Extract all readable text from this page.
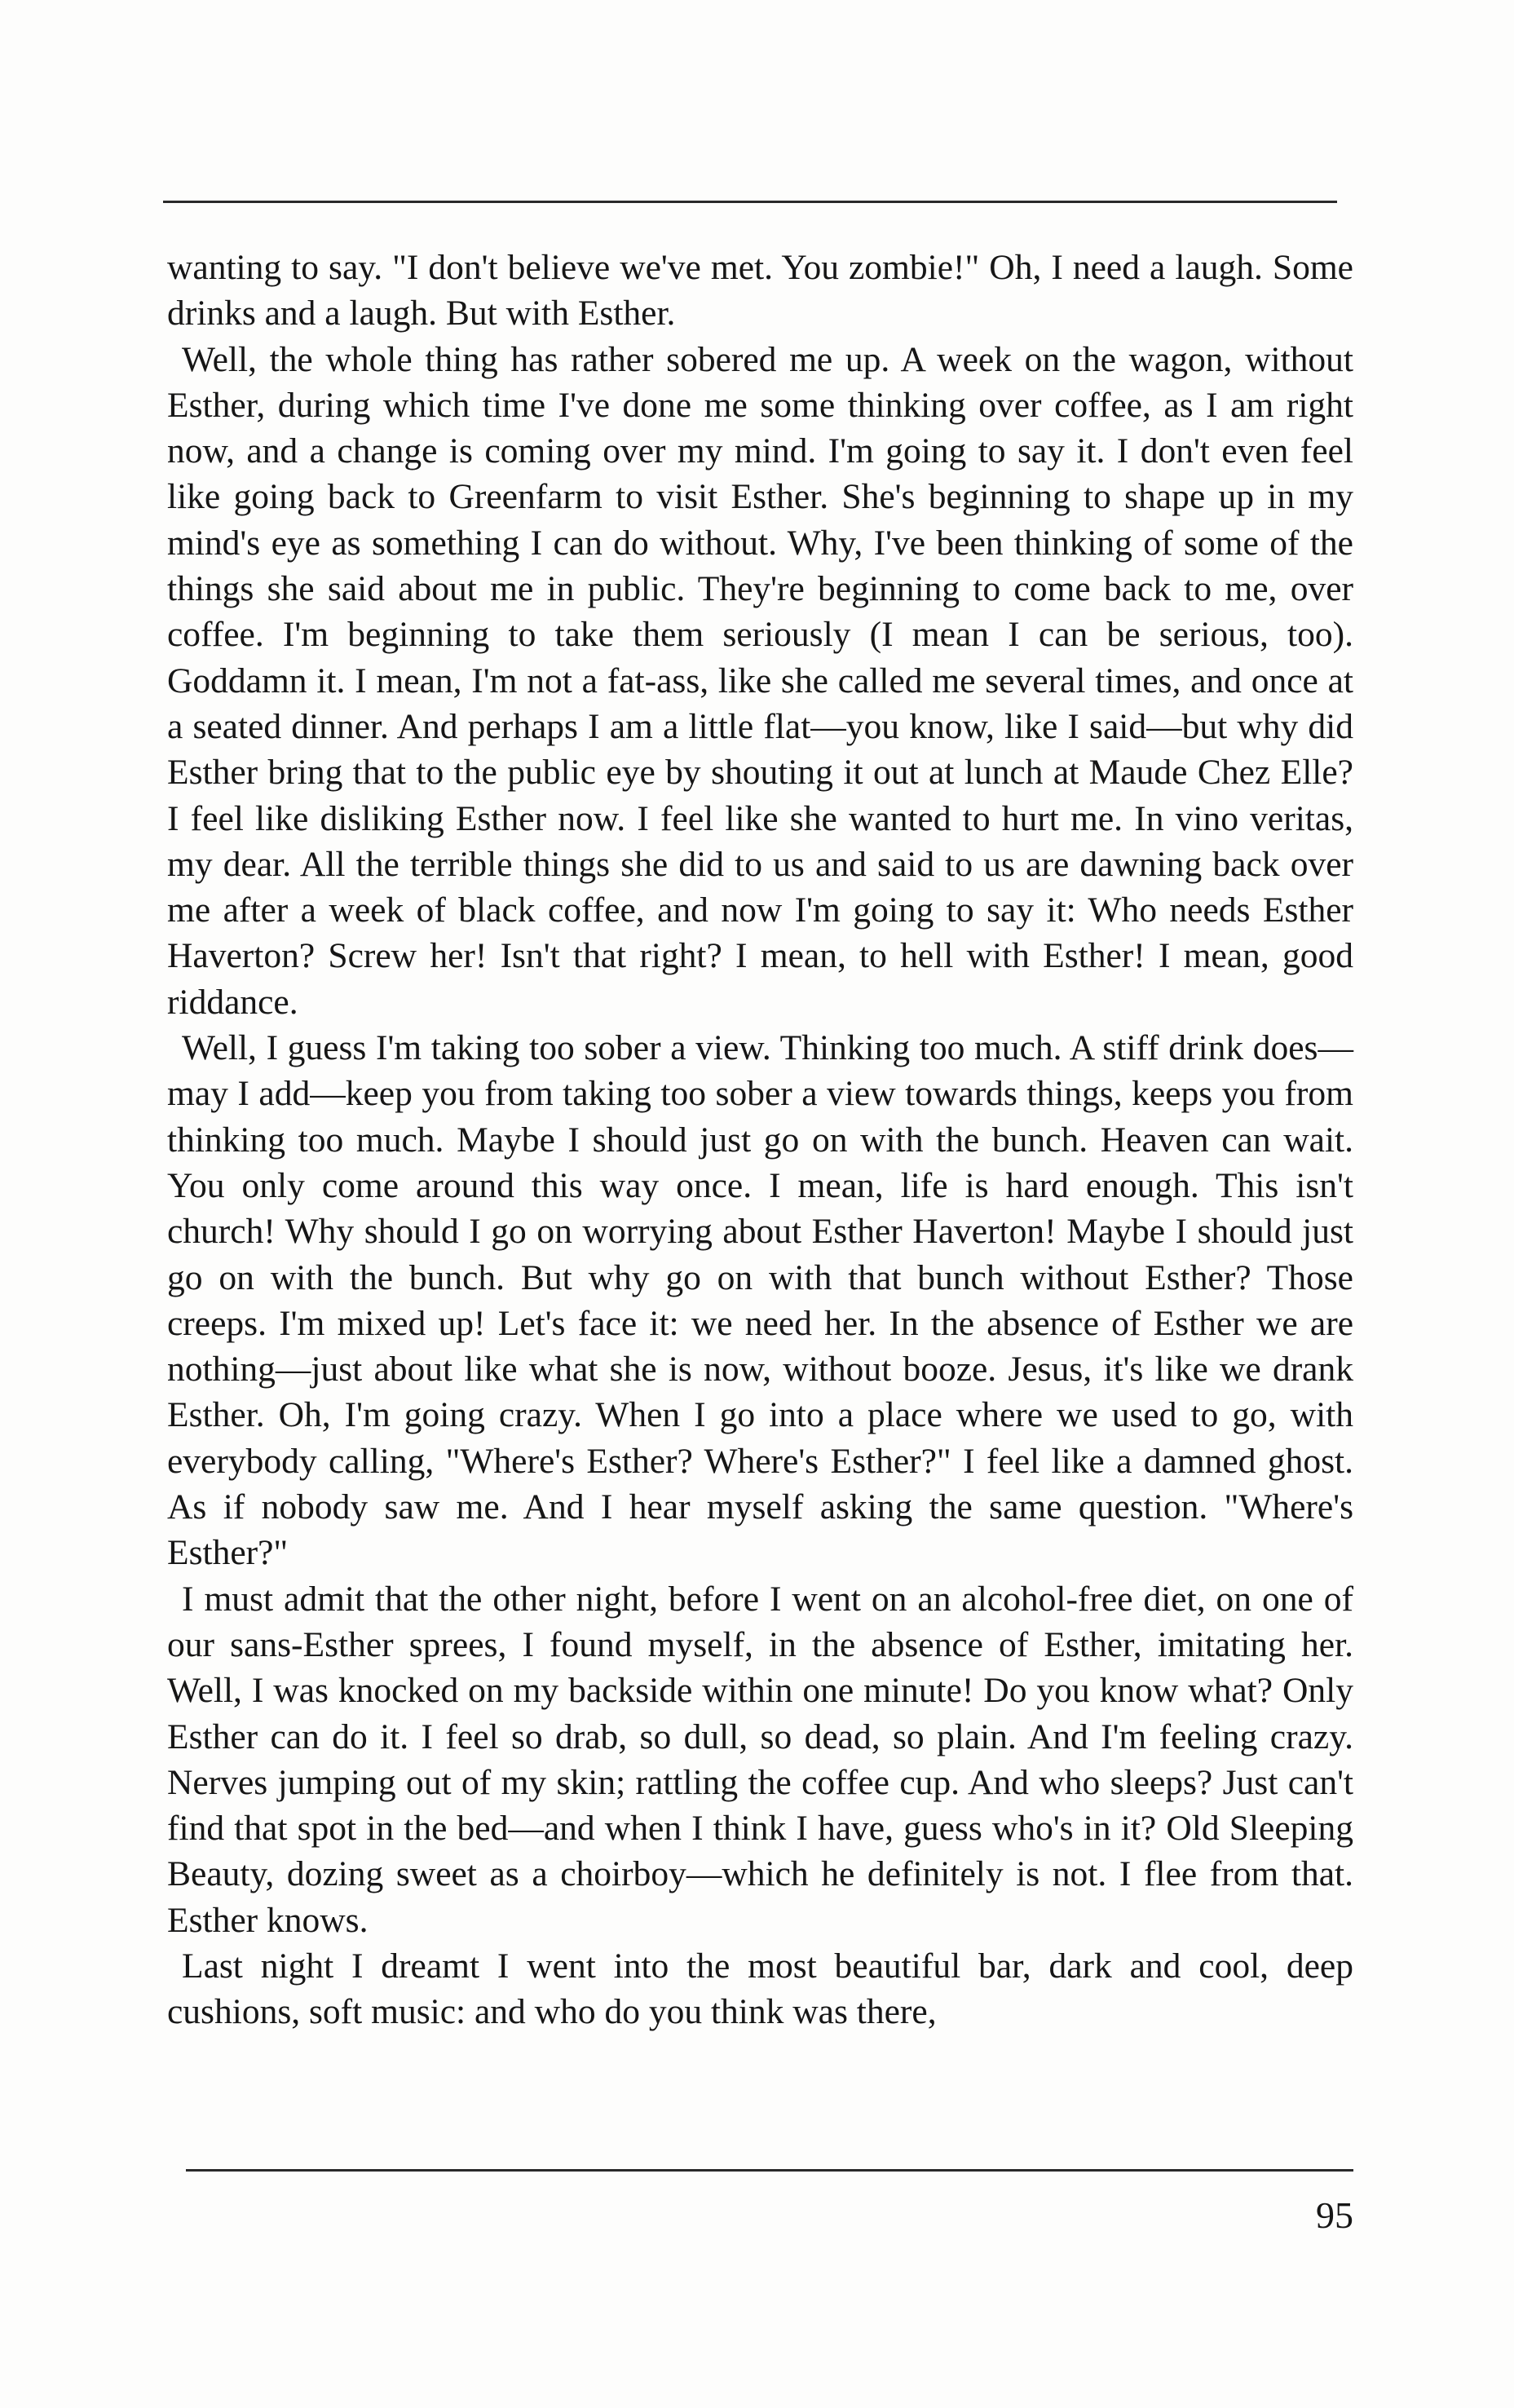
wanting to say. "I don't believe we've met. You zombie!" Oh, I need a laugh. Some drinks and a laugh. But with Esther.

Well, the whole thing has rather sobered me up. A week on the wagon, without Esther, during which time I've done me some thinking over coffee, as I am right now, and a change is coming over my mind. I'm going to say it. I don't even feel like going back to Greenfarm to visit Esther. She's beginning to shape up in my mind's eye as something I can do without. Why, I've been thinking of some of the things she said about me in public. They're beginning to come back to me, over coffee. I'm beginning to take them seriously (I mean I can be serious, too). Goddamn it. I mean, I'm not a fat-ass, like she called me several times, and once at a seated dinner. And perhaps I am a little flat—you know, like I said—but why did Esther bring that to the public eye by shouting it out at lunch at Maude Chez Elle? I feel like disliking Esther now. I feel like she wanted to hurt me. In vino veritas, my dear. All the terrible things she did to us and said to us are dawning back over me after a week of black coffee, and now I'm going to say it: Who needs Esther Haverton? Screw her! Isn't that right? I mean, to hell with Esther! I mean, good riddance.

Well, I guess I'm taking too sober a view. Thinking too much. A stiff drink does—may I add—keep you from taking too sober a view towards things, keeps you from thinking too much. Maybe I should just go on with the bunch. Heaven can wait. You only come around this way once. I mean, life is hard enough. This isn't church! Why should I go on worrying about Esther Haverton! Maybe I should just go on with the bunch. But why go on with that bunch without Esther? Those creeps. I'm mixed up! Let's face it: we need her. In the absence of Esther we are nothing—just about like what she is now, without booze. Jesus, it's like we drank Esther. Oh, I'm going crazy. When I go into a place where we used to go, with everybody calling, "Where's Esther? Where's Esther?" I feel like a damned ghost. As if nobody saw me. And I hear myself asking the same question. "Where's Esther?"

I must admit that the other night, before I went on an alcohol-free diet, on one of our sans-Esther sprees, I found myself, in the absence of Esther, imitating her. Well, I was knocked on my backside within one minute! Do you know what? Only Esther can do it. I feel so drab, so dull, so dead, so plain. And I'm feeling crazy. Nerves jumping out of my skin; rattling the coffee cup. And who sleeps? Just can't find that spot in the bed—and when I think I have, guess who's in it? Old Sleeping Beauty, dozing sweet as a choirboy—which he definitely is not. I flee from that. Esther knows.

Last night I dreamt I went into the most beautiful bar, dark and cool, deep cushions, soft music: and who do you think was there,

95
